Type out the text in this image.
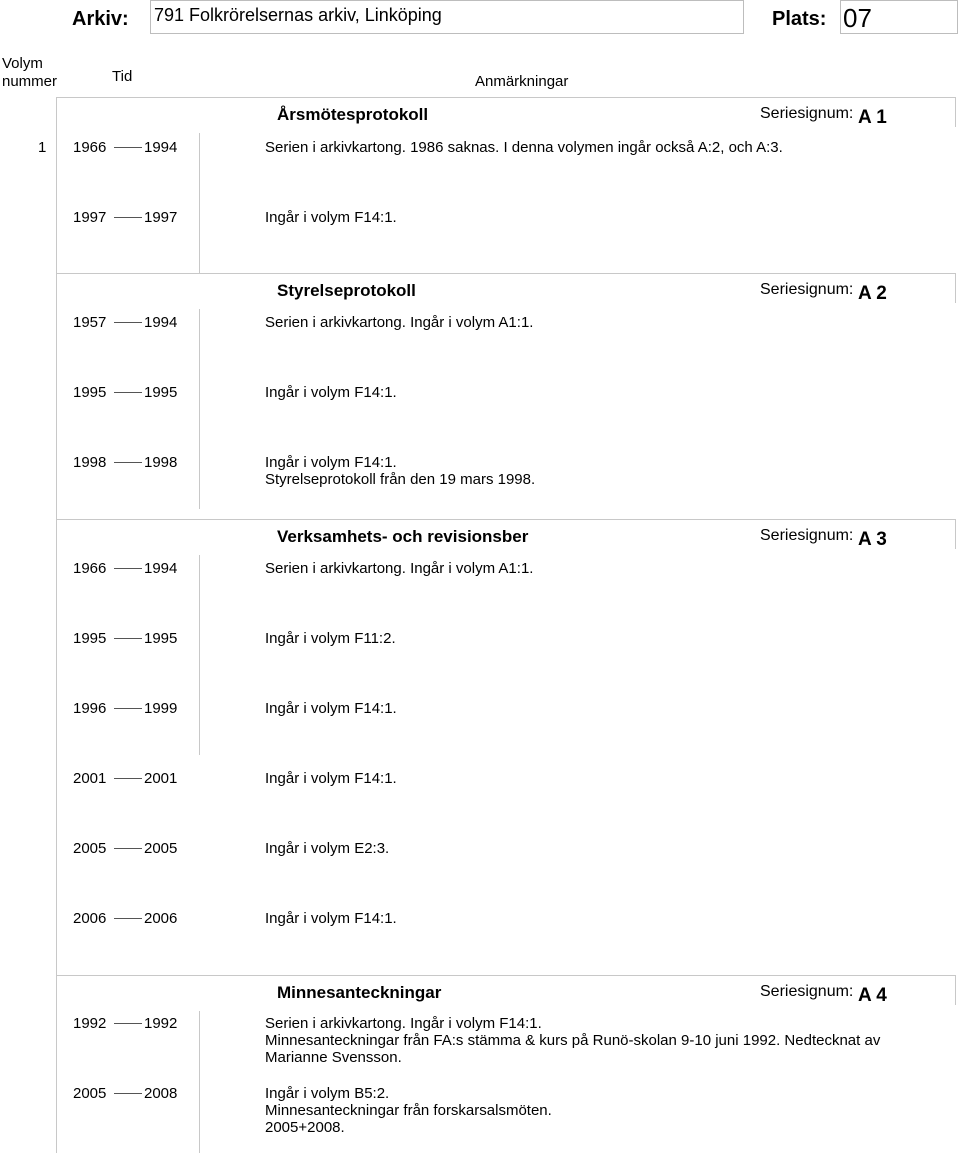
Arkiv: 791 Folkrörelsernas arkiv, Linköping	Plats: 07
Volym
nummer	Tid	Anmärkningar
Årsmötesprotokoll	Seriesignum: A 1
1 1966	1994	Serien i arkivkartong. 1986 saknas. I denna volymen ingår också A:2, och A:3.
1997	1997	Ingår i volym F14:1.
Styrelseprotokoll	Seriesignum: A 2
1957	1994	Serien i arkivkartong. Ingår i volym A1:1.
1995	1995	Ingår i volym F14:1.
1998	1998	Ingår i volym F14:1.
Styrelseprotokoll från den 19 mars 1998.
Verksamhets- och revisionsber	Seriesignum: A 3
1966	1994	Serien i arkivkartong. Ingår i volym A1:1.
1995	1995	Ingår i volym F11:2.
1996	1999	Ingår i volym F14:1.
2001	2001	Ingår i volym F14:1.
2005	2005	Ingår i volym E2:3.
2006	2006	Ingår i volym F14:1.
Minnesanteckningar	Seriesignum: A 4
1992	1992	Serien i arkivkartong. Ingår i volym F14:1.
Minnesanteckningar från FA:s stämma & kurs på Runö-skolan 9-10 juni 1992. Nedtecknat av
Marianne Svensson.
2005	2008	Ingår i volym B5:2.
Minnesanteckningar från forskarsalsmöten.
2005+2008.
